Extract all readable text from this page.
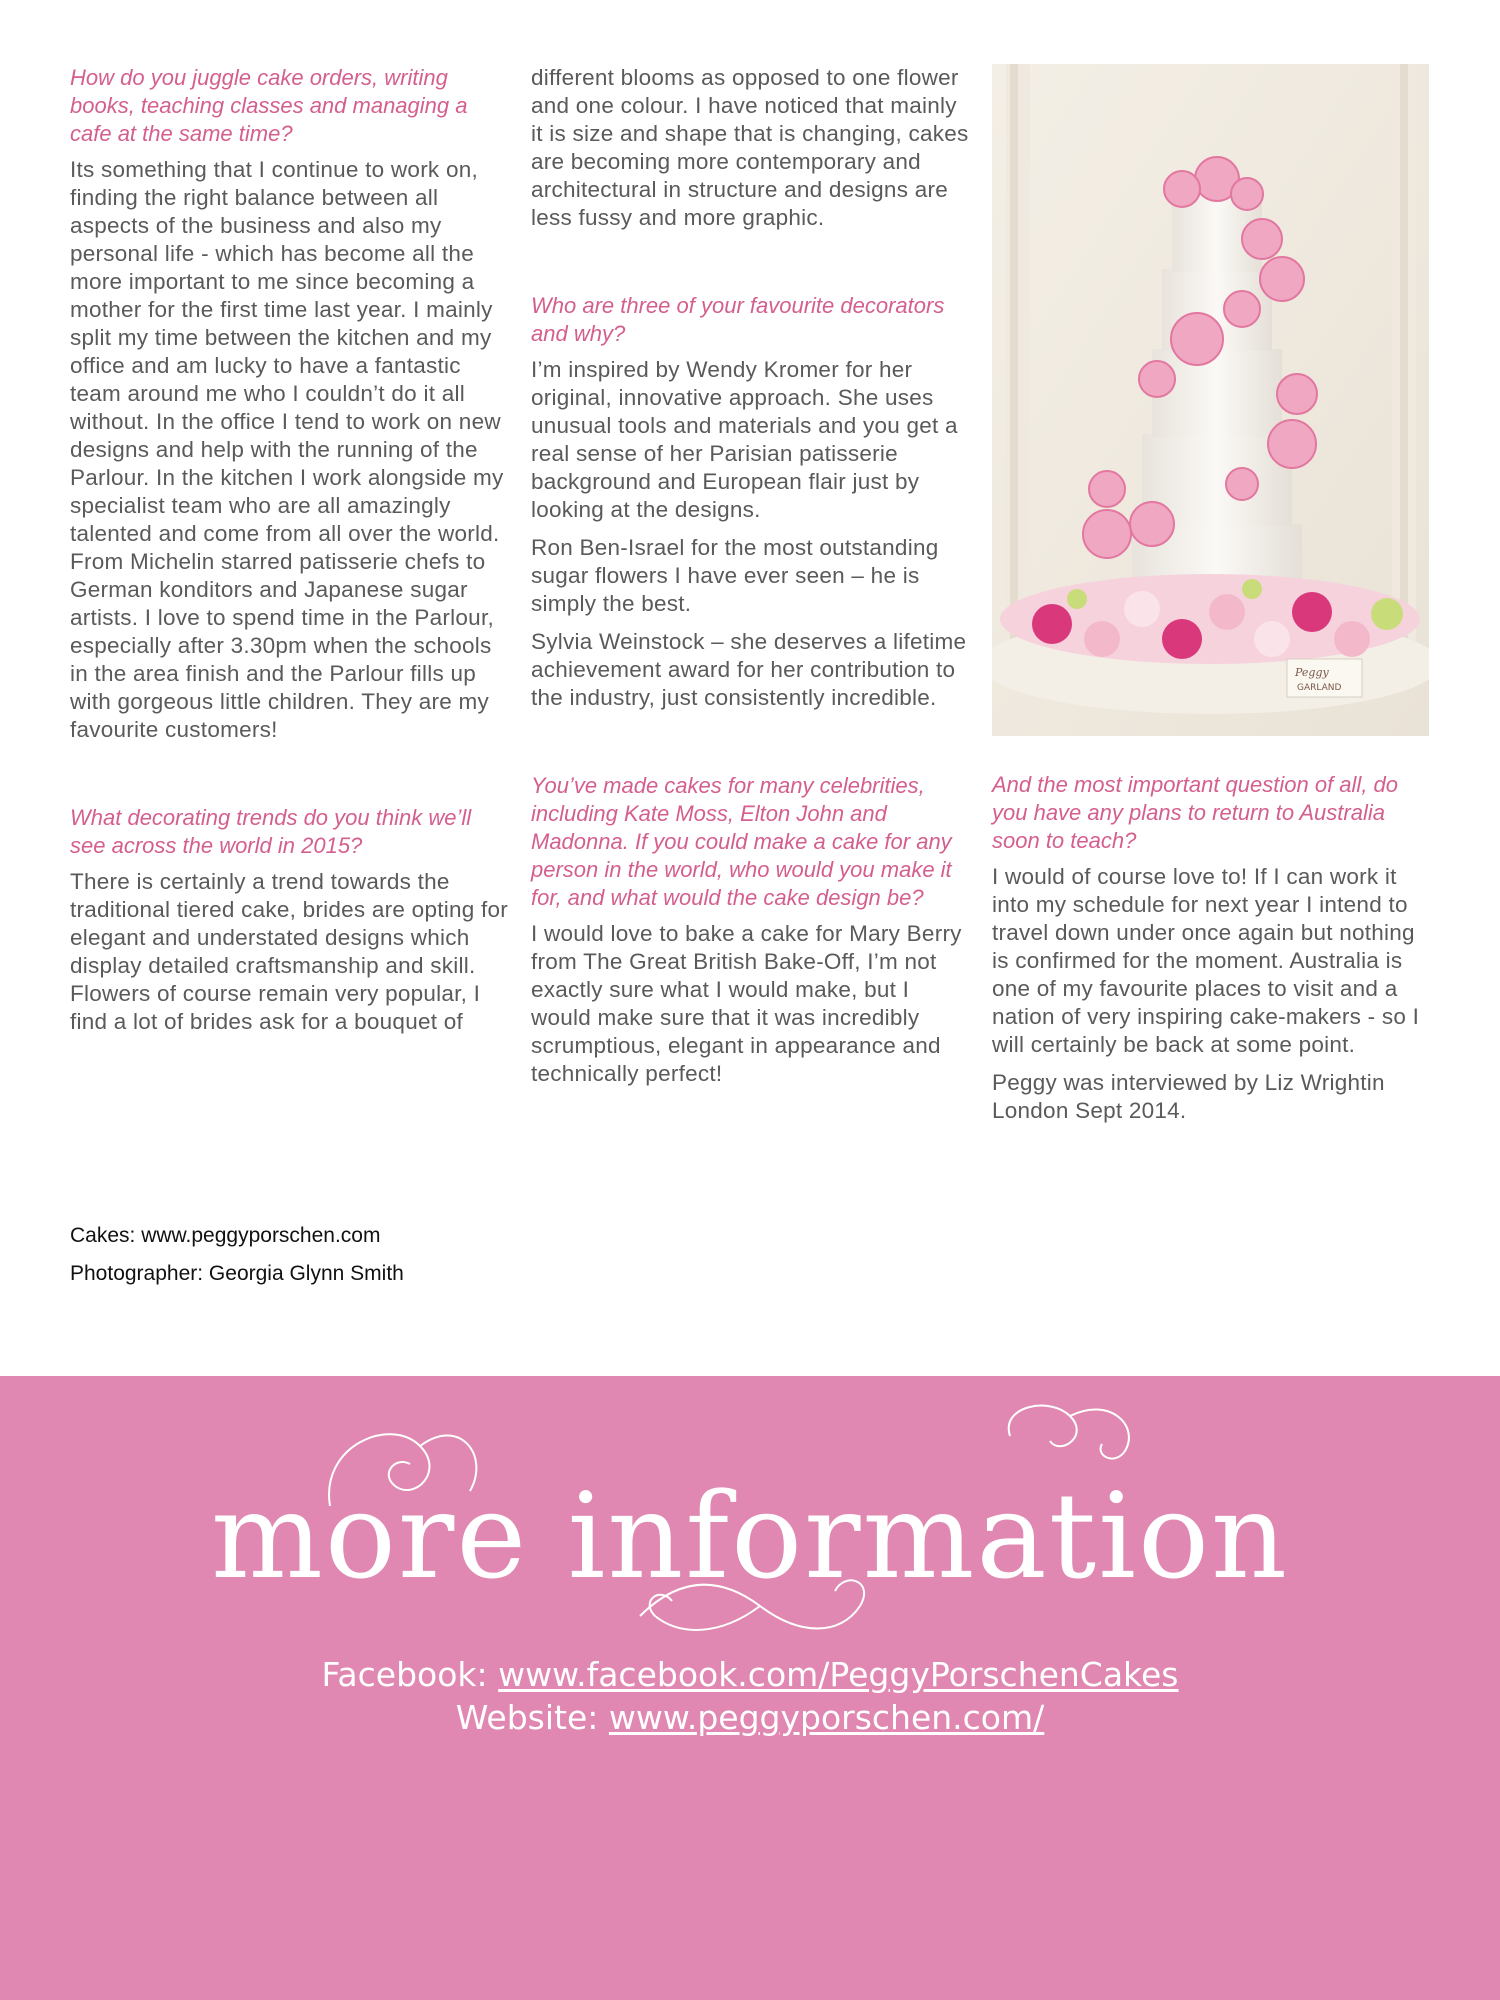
How do you juggle cake orders, writing books, teaching classes and managing a cafe at the same time?

Its something that I continue to work on, finding the right balance between all aspects of the business and also my personal life - which has become all the more important to me since becoming a mother for the first time last year. I mainly split my time between the kitchen and my office and am lucky to have a fantastic team around me who I couldn’t do it all without. In the office I tend to work on new designs and help with the running of the Parlour. In the kitchen I work alongside my specialist team who are all amazingly talented and come from all over the world. From Michelin starred patisserie chefs to German konditors and Japanese sugar artists. I love to spend time in the Parlour, especially after 3.30pm when the schools in the area finish and the Parlour fills up with gorgeous little children. They are my favourite customers!

What decorating trends do you think we’ll see across the world in 2015?

There is certainly a trend towards the traditional tiered cake, brides are opting for elegant and understated designs which display detailed craftsmanship and skill. Flowers of course remain very popular, I find a lot of brides ask for a bouquet of

different blooms as opposed to one flower and one colour. I have noticed that mainly it is size and shape that is changing, cakes are becoming more contemporary and architectural in structure and designs are less fussy and more graphic.

Who are three of your favourite decorators and why?

I’m inspired by Wendy Kromer for her original, innovative approach. She uses unusual tools and materials and you get a real sense of her Parisian patisserie background and European flair just by looking at the designs.

Ron Ben-Israel for the most outstanding sugar flowers I have ever seen – he is simply the best.

Sylvia Weinstock – she deserves a lifetime achievement award for her contribution to the industry, just consistently incredible.

You’ve made cakes for many celebrities, including Kate Moss, Elton John and Madonna. If you could make a cake for any person in the world, who would you make it for, and what would the cake design be?

I would love to bake a cake for Mary Berry from The Great British Bake-Off, I’m not exactly sure what I would make, but I would make sure that it was incredibly scrumptious, elegant in appearance and technically perfect!

Peggy
GARLAND

And the most important question of all, do you have any plans to return to Australia soon to teach?

I would of course love to! If I can work it into my schedule for next year I intend to travel down under once again but nothing is confirmed for the moment. Australia is one of my favourite places to visit and a nation of very inspiring cake-makers - so I will certainly be back at some point.

Peggy was interviewed by Liz Wrightin London Sept 2014.

Cakes: www.peggyporschen.com
Photographer: Georgia Glynn Smith
more information
Facebook: www.facebook.com/PeggyPorschenCakes
Website: www.peggyporschen.com/
